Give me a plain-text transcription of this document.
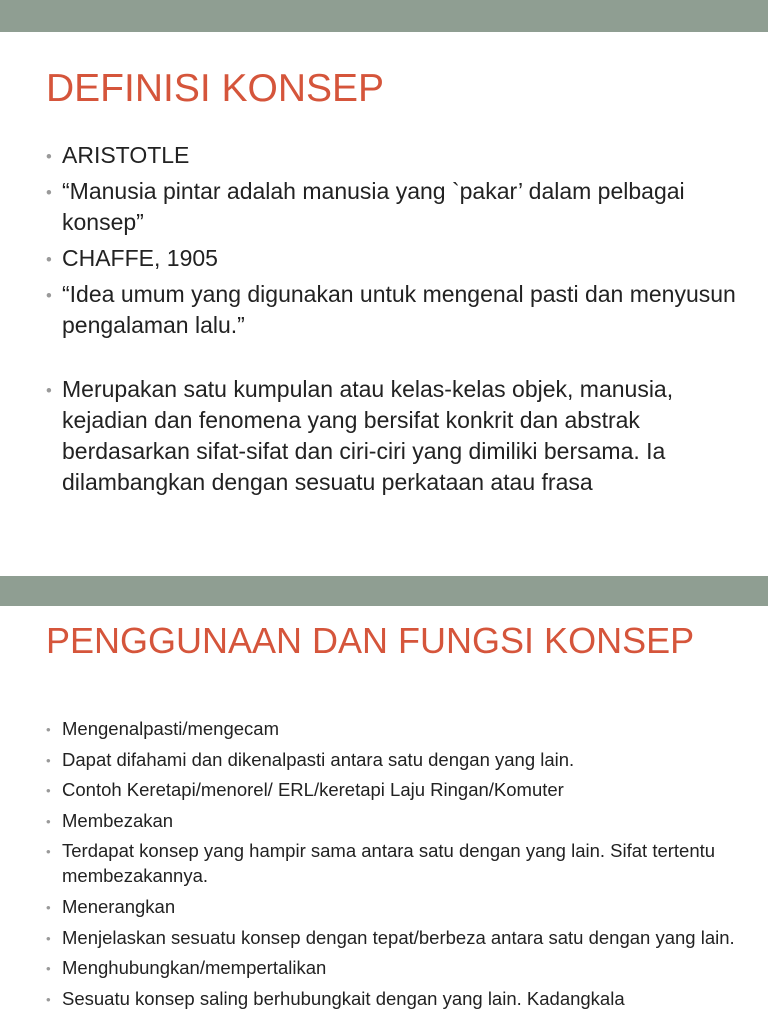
DEFINISI KONSEP
• ARISTOTLE
• “Manusia pintar adalah manusia yang `pakar’ dalam pelbagai konsep”
• CHAFFE, 1905
• “Idea umum yang digunakan untuk mengenal pasti dan menyusun pengalaman lalu.”
• Merupakan satu kumpulan atau kelas-kelas objek, manusia, kejadian dan fenomena yang bersifat konkrit dan abstrak berdasarkan sifat-sifat dan ciri-ciri yang dimiliki bersama. Ia dilambangkan dengan sesuatu perkataan atau frasa
PENGGUNAAN DAN FUNGSI KONSEP
• Mengenalpasti/mengecam
• Dapat difahami dan dikenalpasti antara satu dengan yang lain.
• Contoh Keretapi/menorel/ ERL/keretapi Laju Ringan/Komuter
• Membezakan
• Terdapat konsep yang hampir sama antara satu dengan yang lain. Sifat tertentu membezakannya.
• Menerangkan
• Menjelaskan sesuatu konsep dengan tepat/berbeza antara satu dengan yang lain.
• Menghubungkan/mempertalikan
• Sesuatu konsep saling berhubungkait dengan yang lain. Kadangkala
